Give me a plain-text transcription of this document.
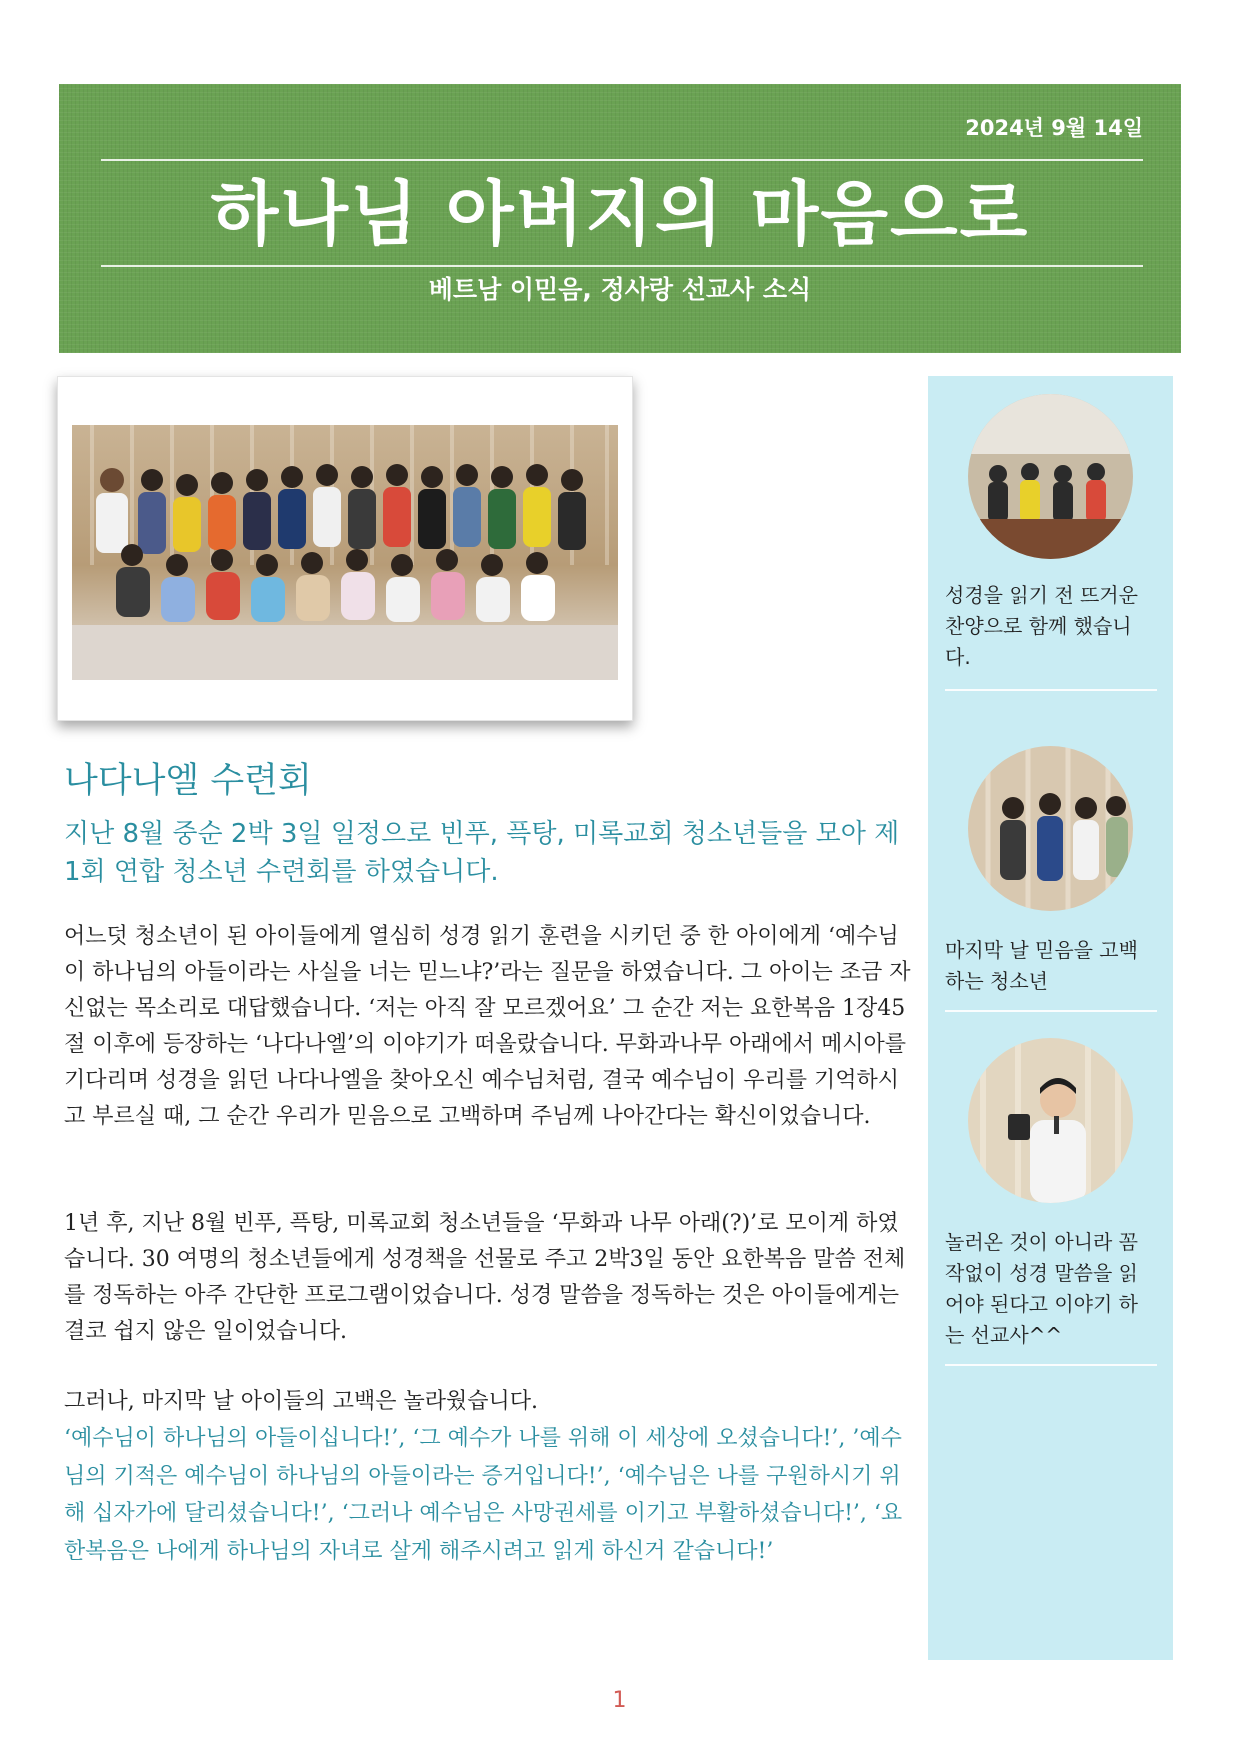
2024년 9월 14일
하나님 아버지의 마음으로
베트남 이믿음, 정사랑 선교사 소식
나다나엘 수련회
지난 8월 중순 2박 3일 일정으로 빈푸, 픅탕, 미록교회 청소년들을 모아 제1회 연합 청소년 수련회를 하였습니다.
어느덧 청소년이 된 아이들에게 열심히 성경 읽기 훈련을 시키던 중 한 아이에게 ‘예수님이 하나님의 아들이라는 사실을 너는 믿느냐?’라는 질문을 하였습니다. 그 아이는 조금 자신없는 목소리로 대답했습니다. ‘저는 아직 잘 모르겠어요’ 그 순간 저는 요한복음 1장45절 이후에 등장하는 ‘나다나엘’의 이야기가 떠올랐습니다. 무화과나무 아래에서 메시아를 기다리며 성경을 읽던 나다나엘을 찾아오신 예수님처럼, 결국 예수님이 우리를 기억하시고 부르실 때, 그 순간 우리가 믿음으로 고백하며 주님께 나아간다는 확신이었습니다.
1년 후, 지난 8월 빈푸, 픅탕, 미록교회 청소년들을 ‘무화과 나무 아래(?)’로 모이게 하였습니다. 30 여명의 청소년들에게 성경책을 선물로 주고 2박3일 동안 요한복음 말씀 전체를 정독하는 아주 간단한 프로그램이었습니다. 성경 말씀을 정독하는 것은 아이들에게는 결코 쉽지 않은 일이었습니다.
그러나, 마지막 날 아이들의 고백은 놀라웠습니다.
‘예수님이 하나님의 아들이십니다!’, ‘그 예수가 나를 위해 이 세상에 오셨습니다!’, ’예수님의 기적은 예수님이 하나님의 아들이라는 증거입니다!’, ‘예수님은 나를 구원하시기 위해 십자가에 달리셨습니다!’, ‘그러나 예수님은 사망권세를 이기고 부활하셨습니다!’, ‘요한복음은 나에게 하나님의 자녀로 살게 해주시려고 읽게 하신거 같습니다!’
성경을 읽기 전 뜨거운 찬양으로 함께 했습니다.
마지막 날 믿음을 고백하는 청소년
놀러온 것이 아니라 꼼작없이 성경 말씀을 읽어야 된다고 이야기 하는 선교사^^
1
